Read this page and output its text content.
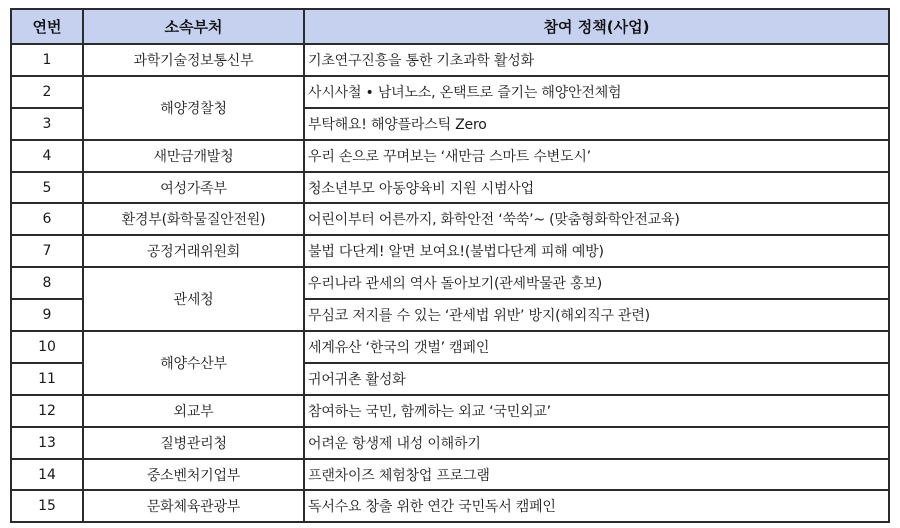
연번	소속부처	참여 정책(사업)
1	과학기술정보통신부	기초연구진흥을 통한 기초과학 활성화
2	해양경찰청	사시사철 • 남녀노소, 온택트로 즐기는 해양안전체험
3		부탁해요! 해양플라스틱 Zero
4	새만금개발청	우리 손으로 꾸며보는 ‘새만금 스마트 수변도시’
5	여성가족부	청소년부모 아동양육비 지원 시범사업
6	환경부(화학물질안전원)	어린이부터 어른까지, 화학안전 ‘쑥쑥’~ (맞춤형화학안전교육)
7	공정거래위원회	불법 다단계! 알면 보여요!(불법다단계 피해 예방)
8	관세청	우리나라 관세의 역사 돌아보기(관세박물관 홍보)
9		무심코 저지를 수 있는 ‘관세법 위반’ 방지(해외직구 관련)
10	해양수산부	세계유산 ‘한국의 갯벌’ 캠페인
11		귀어귀촌 활성화
12	외교부	참여하는 국민, 함께하는 외교 ‘국민외교’
13	질병관리청	어려운 항생제 내성 이해하기
14	중소벤처기업부	프랜차이즈 체험창업 프로그램
15	문화체육관광부	독서수요 창출 위한 연간 국민독서 캠페인
